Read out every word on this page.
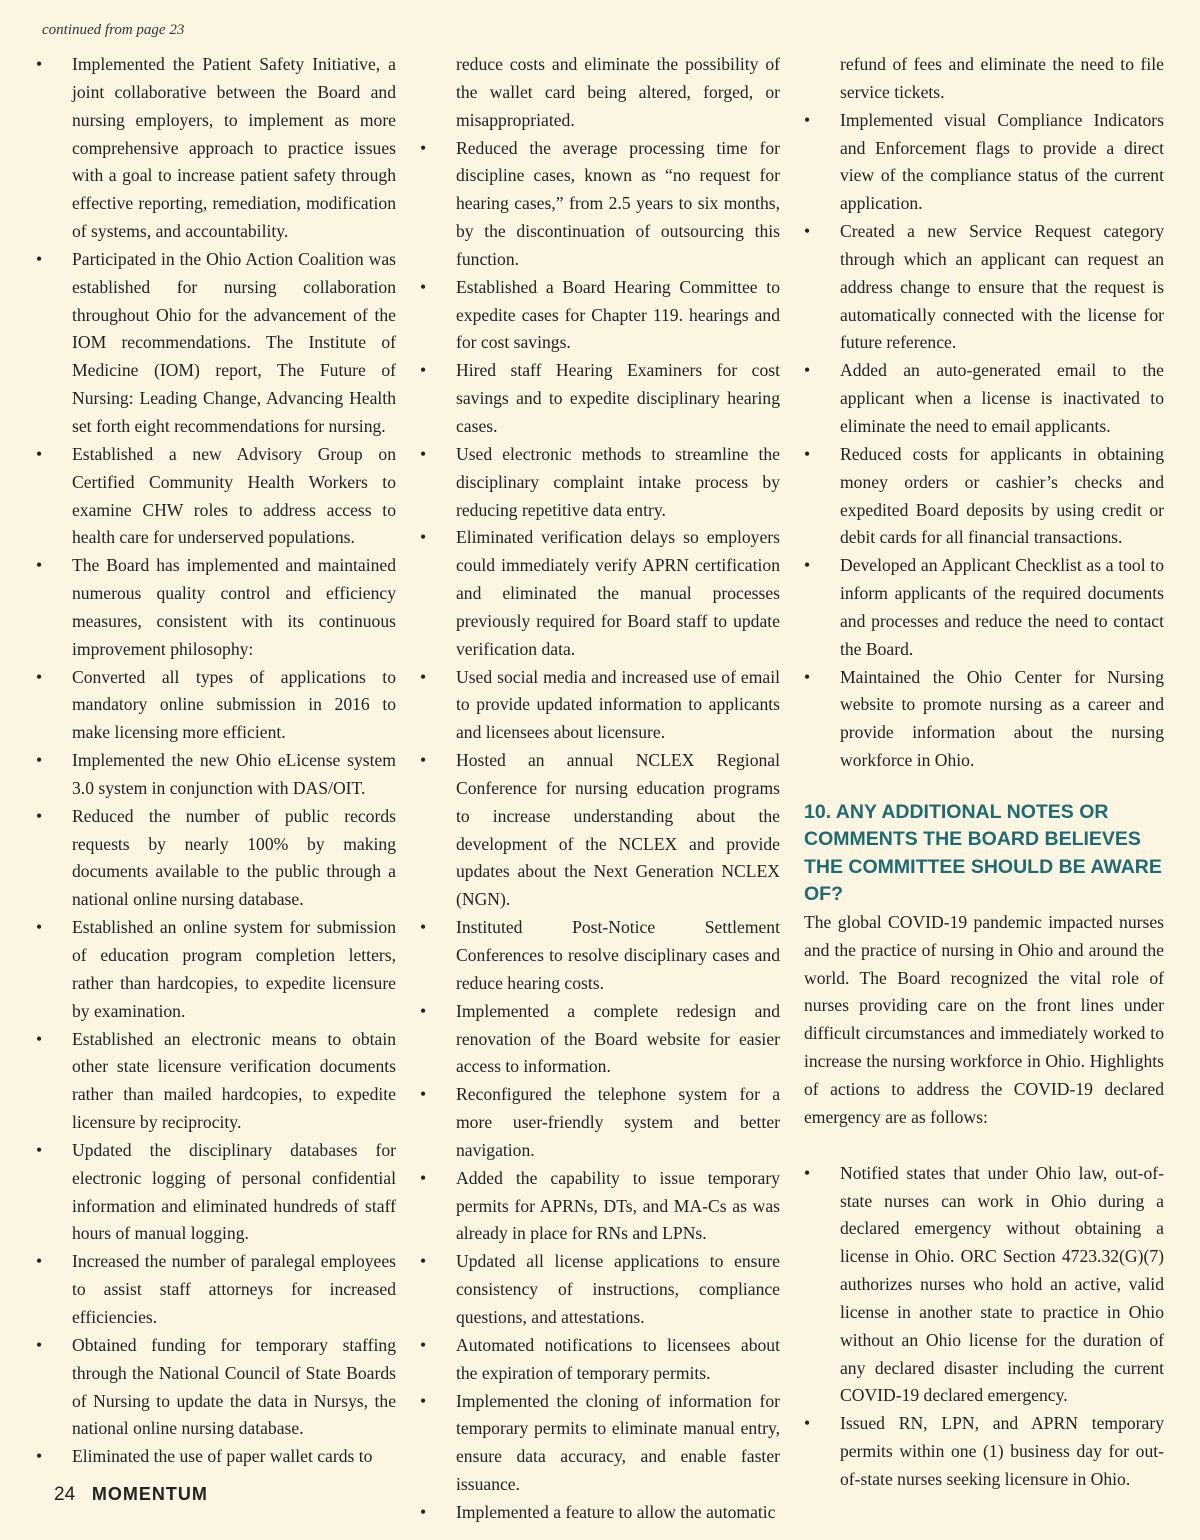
continued from page 23
• Implemented the Patient Safety Initiative, a joint collaborative between the Board and nursing employers, to implement as more comprehensive approach to practice issues with a goal to increase patient safety through effective reporting, remediation, modification of systems, and accountability.
• Participated in the Ohio Action Coalition was established for nursing collaboration throughout Ohio for the advancement of the IOM recommendations. The Institute of Medicine (IOM) report, The Future of Nursing: Leading Change, Advancing Health set forth eight recommendations for nursing.
• Established a new Advisory Group on Certified Community Health Workers to examine CHW roles to address access to health care for underserved populations.
• The Board has implemented and maintained numerous quality control and efficiency measures, consistent with its continuous improvement philosophy:
• Converted all types of applications to mandatory online submission in 2016 to make licensing more efficient.
• Implemented the new Ohio eLicense system 3.0 system in conjunction with DAS/OIT.
• Reduced the number of public records requests by nearly 100% by making documents available to the public through a national online nursing database.
• Established an online system for submission of education program completion letters, rather than hardcopies, to expedite licensure by examination.
• Established an electronic means to obtain other state licensure verification documents rather than mailed hardcopies, to expedite licensure by reciprocity.
• Updated the disciplinary databases for electronic logging of personal confidential information and eliminated hundreds of staff hours of manual logging.
• Increased the number of paralegal employees to assist staff attorneys for increased efficiencies.
• Obtained funding for temporary staffing through the National Council of State Boards of Nursing to update the data in Nursys, the national online nursing database.
• Eliminated the use of paper wallet cards to
reduce costs and eliminate the possibility of the wallet card being altered, forged, or misappropriated.
• Reduced the average processing time for discipline cases, known as “no request for hearing cases,” from 2.5 years to six months, by the discontinuation of outsourcing this function.
• Established a Board Hearing Committee to expedite cases for Chapter 119. hearings and for cost savings.
• Hired staff Hearing Examiners for cost savings and to expedite disciplinary hearing cases.
• Used electronic methods to streamline the disciplinary complaint intake process by reducing repetitive data entry.
• Eliminated verification delays so employers could immediately verify APRN certification and eliminated the manual processes previously required for Board staff to update verification data.
• Used social media and increased use of email to provide updated information to applicants and licensees about licensure.
• Hosted an annual NCLEX Regional Conference for nursing education programs to increase understanding about the development of the NCLEX and provide updates about the Next Generation NCLEX (NGN).
• Instituted Post-Notice Settlement Conferences to resolve disciplinary cases and reduce hearing costs.
• Implemented a complete redesign and renovation of the Board website for easier access to information.
• Reconfigured the telephone system for a more user-friendly system and better navigation.
• Added the capability to issue temporary permits for APRNs, DTs, and MA-Cs as was already in place for RNs and LPNs.
• Updated all license applications to ensure consistency of instructions, compliance questions, and attestations.
• Automated notifications to licensees about the expiration of temporary permits.
• Implemented the cloning of information for temporary permits to eliminate manual entry, ensure data accuracy, and enable faster issuance.
• Implemented a feature to allow the automatic
refund of fees and eliminate the need to file service tickets.
• Implemented visual Compliance Indicators and Enforcement flags to provide a direct view of the compliance status of the current application.
• Created a new Service Request category through which an applicant can request an address change to ensure that the request is automatically connected with the license for future reference.
• Added an auto-generated email to the applicant when a license is inactivated to eliminate the need to email applicants.
• Reduced costs for applicants in obtaining money orders or cashier’s checks and expedited Board deposits by using credit or debit cards for all financial transactions.
• Developed an Applicant Checklist as a tool to inform applicants of the required documents and processes and reduce the need to contact the Board.
• Maintained the Ohio Center for Nursing website to promote nursing as a career and provide information about the nursing workforce in Ohio.
10. ANY ADDITIONAL NOTES OR COMMENTS THE BOARD BELIEVES THE COMMITTEE SHOULD BE AWARE OF?

The global COVID-19 pandemic impacted nurses and the practice of nursing in Ohio and around the world. The Board recognized the vital role of nurses providing care on the front lines under difficult circumstances and immediately worked to increase the nursing workforce in Ohio. Highlights of actions to address the COVID-19 declared emergency are as follows:

• Notified states that under Ohio law, out-of-state nurses can work in Ohio during a declared emergency without obtaining a license in Ohio. ORC Section 4723.32(G)(7) authorizes nurses who hold an active, valid license in another state to practice in Ohio without an Ohio license for the duration of any declared disaster including the current COVID-19 declared emergency.
• Issued RN, LPN, and APRN temporary permits within one (1) business day for out-of-state nurses seeking licensure in Ohio.
24 MOMENTUM
